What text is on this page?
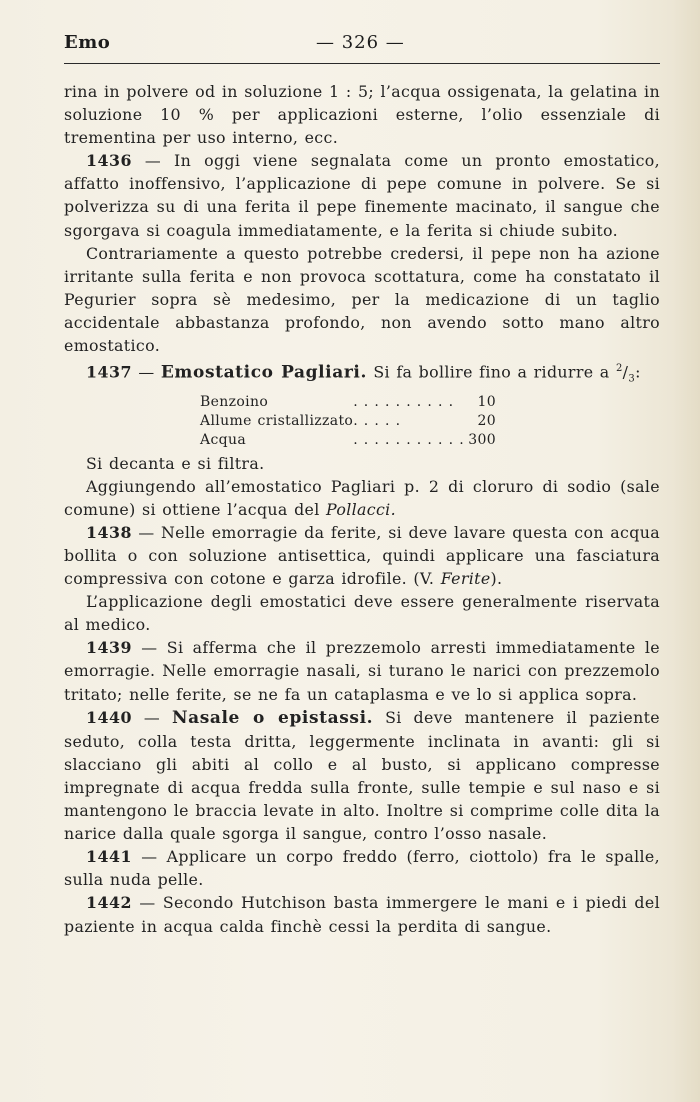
Emo	— 326 —

rina in polvere od in soluzione 1 : 5; l’acqua ossigenata, la gelatina in soluzione 10 % per applicazioni esterne, l’olio essenziale di trementina per uso interno, ecc.

1436 — In oggi viene segnalata come un pronto emostatico, affatto inoffensivo, l’applicazione di pepe comune in polvere. Se si polverizza su di una ferita il pepe finemente macinato, il sangue che sgorgava si coagula immediatamente, e la ferita si chiude subito.

Contrariamente a questo potrebbe credersi, il pepe non ha azione irritante sulla ferita e non provoca scottatura, come ha constatato il Pegurier sopra sè medesimo, per la medicazione di un taglio accidentale abbastanza profondo, non avendo sotto mano altro emostatico.

1437 — Emostatico Pagliari. Si fa bollire fino a ridurre a $^2/_3$:

Benzoino	. . . . . . . . . .	10
Allume cristallizzato	. . . . .	20
Acqua	. . . . . . . . . . .	300

Si decanta e si filtra.

Aggiungendo all’emostatico Pagliari p. 2 di cloruro di sodio (sale comune) si ottiene l’acqua del Pollacci.

1438 — Nelle emorragie da ferite, si deve lavare questa con acqua bollita o con soluzione antisettica, quindi applicare una fasciatura compressiva con cotone e garza idrofile. (V. Ferite).

L’applicazione degli emostatici deve essere generalmente riservata al medico.

1439 — Si afferma che il prezzemolo arresti immediatamente le emorragie. Nelle emorragie nasali, si turano le narici con prezzemolo tritato; nelle ferite, se ne fa un cataplasma e ve lo si applica sopra.

1440 — Nasale o epistassi. Si deve mantenere il paziente seduto, colla testa dritta, leggermente inclinata in avanti: gli si slacciano gli abiti al collo e al busto, si applicano compresse impregnate di acqua fredda sulla fronte, sulle tempie e sul naso e si mantengono le braccia levate in alto. Inoltre si comprime colle dita la narice dalla quale sgorga il sangue, contro l’osso nasale.

1441 — Applicare un corpo freddo (ferro, ciottolo) fra le spalle, sulla nuda pelle.

1442 — Secondo Hutchison basta immergere le mani e i piedi del paziente in acqua calda finchè cessi la perdita di sangue.
